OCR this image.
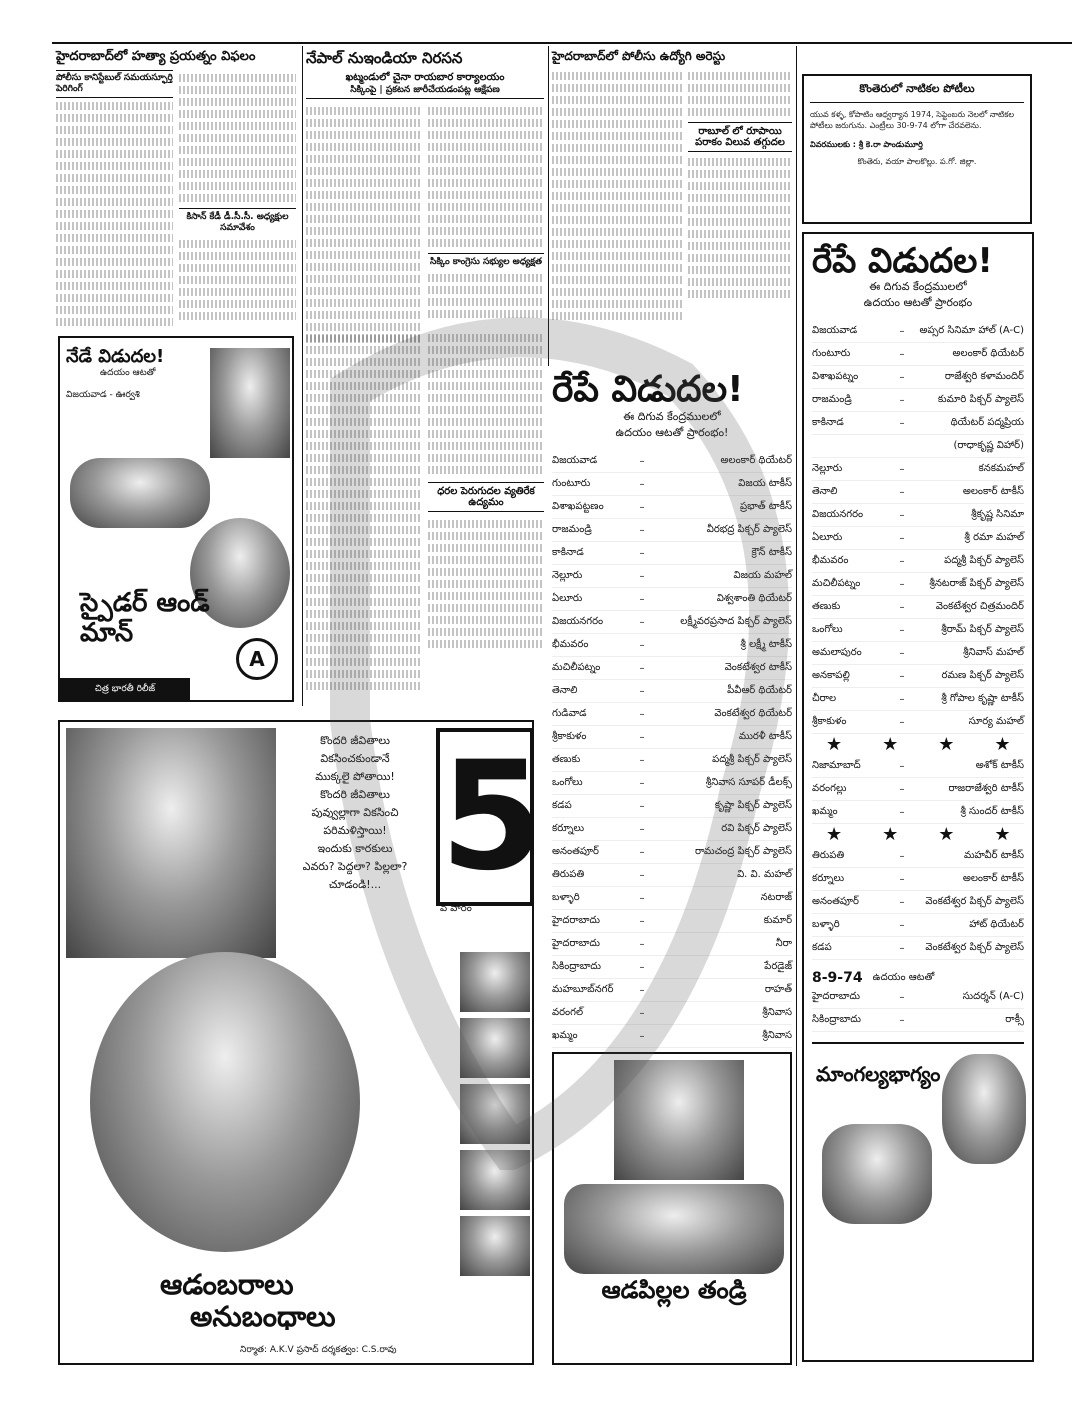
హైదరాబాద్‌లో హత్యా ప్రయత్నం విఫలం
పోలీసు కానిస్టేబుల్ సమయస్ఫూర్తి పెరిగింగ్
కిసాన్‌ కేడీ డీ.సీ.సీ. అధ్యక్షుల సమావేశం
నేపాల్ నుఇండియా నిరసన
ఖట్మండులో చైనా రాయబార కార్యాలయం
సిక్కింపై | ప్రకటన జారీచేయడంపట్ల ఆక్షేపణ
సిక్కిం కాంగ్రెసు సభ్యుల అధ్యక్షత
ధరల పెరుగుదల వ్యతిరేక ఉద్యమం
హైదరాబాద్‌లో పోలీసు ఉద్యోగి అరెస్టు
రాబూల్ లో రూపాయి పరాకం విలువ తగ్గుదల
కొంతెరులో నాటికల పోటీలు
యువ కళ్ళ, కోపాటిం ఆధ్వర్యాన 1974, సెప్టెంబరు నెలలో నాటికల పోటీలు జరుగును. ఎంట్రీలు 30-9-74 లోగా చేరవలెను.
వివరములకు : శ్రీ కె.రా పాండుమూర్తి
కొంతెరు, వయా పాలకొల్లు. ప.గో. జిల్లా.
నేడే విడుదల!
ఉదయం ఆటతో
విజయవాడ - ఊర్వశి
స్పైడర్ ఆండ్ మాన్
A
చిత్ర భారతీ రిలీజ్
రేపే విడుదల!
ఈ దిగువ కేంద్రములలో
ఉదయం ఆటతో ప్రారంభం!
విజయవాడ	–	అలంకార్ థియేటర్
గుంటూరు	–	విజయ టాకీస్
విశాఖపట్టణం	–	ప్రభాత్ టాకీస్
రాజమండ్రి	–	వీరభద్ర పిక్చర్ ప్యాలెస్
కాకినాడ	–	క్రౌన్ టాకీస్
నెల్లూరు	–	విజయ మహల్
ఏలూరు	–	విశ్వశాంతి థియేటర్
విజయనగరం	–	లక్ష్మీవరప్రసాద పిక్చర్ ప్యాలెస్
భీమవరం	–	శ్రీ లక్ష్మీ టాకీస్
మచిలీపట్నం	–	వెంకటేశ్వర టాకీస్
తెనాలి	–	పీవీఆర్ థియేటర్
గుడివాడ	–	వెంకటేశ్వర థియేటర్
శ్రీకాకుళం	–	మురళీ టాకీస్
తణుకు	–	పద్మశ్రీ పిక్చర్ ప్యాలెస్
ఒంగోలు	–	శ్రీనివాస సూపర్ డీలక్స్
కడప	–	కృష్ణా పిక్చర్ ప్యాలెస్
కర్నూలు	–	రవి పిక్చర్ ప్యాలెస్
అనంతపూర్	–	రామచంద్ర పిక్చర్ ప్యాలెస్
తిరుపతి	–	వి. వి. మహల్
బళ్ళారి	–	నటరాజ్
హైదరాబాదు	–	కుమార్
హైదరాబాదు	–	నీరా
సికింద్రాబాదు	–	పేరడైజ్
మహబూబ్‌నగర్	–	రాహత్
వరంగల్	–	శ్రీనివాస
ఖమ్మం	–	శ్రీనివాస
రేపే విడుదల!
ఈ దిగువ కేంద్రములలో
ఉదయం ఆటతో ప్రారంభం
విజయవాడ	–	అప్సర సినిమా హాల్ (A-C)
గుంటూరు	–	అలంకార్ థియేటర్
విశాఖపట్నం	–	రాజేశ్వరి కళామందిర్
రాజమండ్రి	–	కుమారి పిక్చర్ ప్యాలెస్
కాకినాడ	–	థియేటర్ పద్మప్రియ
(రాధాకృష్ణ విహార్)
నెల్లూరు	–	కనకమహల్
తెనాలి	–	అలంకార్ టాకీస్
విజయనగరం	–	శ్రీకృష్ణ సినిమా
ఏలూరు	–	శ్రీ రమా మహల్
భీమవరం	–	పద్మశ్రీ పిక్చర్ ప్యాలెస్
మచిలీపట్నం	–	శ్రీనటరాజ్ పిక్చర్ ప్యాలెస్
తణుకు	–	వెంకటేశ్వర చిత్రమందిర్
ఒంగోలు	–	శ్రీరామ్ పిక్చర్ ప్యాలెస్
అమలాపురం	–	శ్రీనివాస్ మహల్
అనకాపల్లి	–	రమణ పిక్చర్ ప్యాలెస్
చీరాల	–	శ్రీ గోపాల కృష్ణా టాకీస్
శ్రీకాకుళం	–	సూర్య మహల్
★★★★
నిజామాబాద్	–	అశోక్ టాకీస్
వరంగల్లు	–	రాజరాజేశ్వరి టాకీస్
ఖమ్మం	–	శ్రీ సుందర్ టాకీస్
★★★★
తిరుపతి	–	మహవీర్ టాకీస్
కర్నూలు	–	అలంకార్ టాకీస్
అనంతపూర్	–	వెంకటేశ్వర పిక్చర్ ప్యాలెస్
బళ్ళారి	–	హాట్ థియేటర్
కడప	–	వెంకటేశ్వర పిక్చర్ ప్యాలెస్
8-9-74 ఉదయం ఆటతో
హైదరాబాదు	–	సుదర్శన్ (A-C)
సికింద్రాబాదు	–	రాక్సీ
మాంగల్యభాగ్యం
కొందరి జీవితాలు
వికసించకుండానే
ముక్కలై పోతాయి!
కొందరి జీవితాలు
పువ్వుల్లాగా వికసించి
పరిమళిస్తాయి!
ఇందుకు కారకులు
ఎవరు? పెద్దలా? పిల్లలా?
చూడండి!... 5
వ వారం
ఆడంబరాలు
అనుబంధాలు
నిర్మాత: A.K.V ప్రసాద్ దర్శకత్వం: C.S.రావు
ఆడపిల్లల తండ్రి
